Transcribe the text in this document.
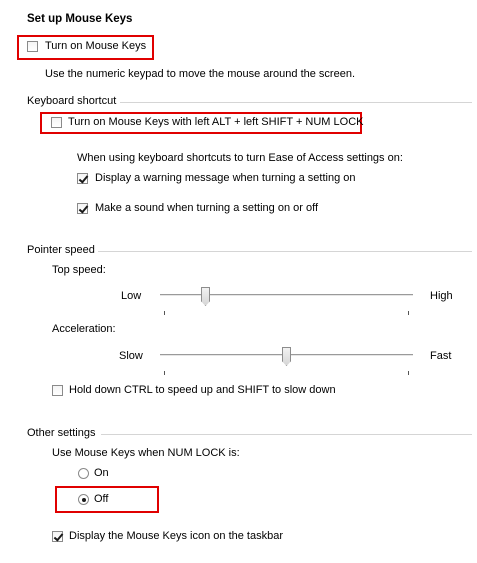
Set up Mouse Keys
Turn on Mouse Keys
Use the numeric keypad to move the mouse around the screen.
Keyboard shortcut
Turn on Mouse Keys with left ALT + left SHIFT + NUM LOCK
When using keyboard shortcuts to turn Ease of Access settings on:
Display a warning message when turning a setting on
Make a sound when turning a setting on or off
Pointer speed
Top speed:
Low	High
Acceleration:
Slow	Fast
Hold down CTRL to speed up and SHIFT to slow down
Other settings
Use Mouse Keys when NUM LOCK is:
On
Off
Display the Mouse Keys icon on the taskbar
